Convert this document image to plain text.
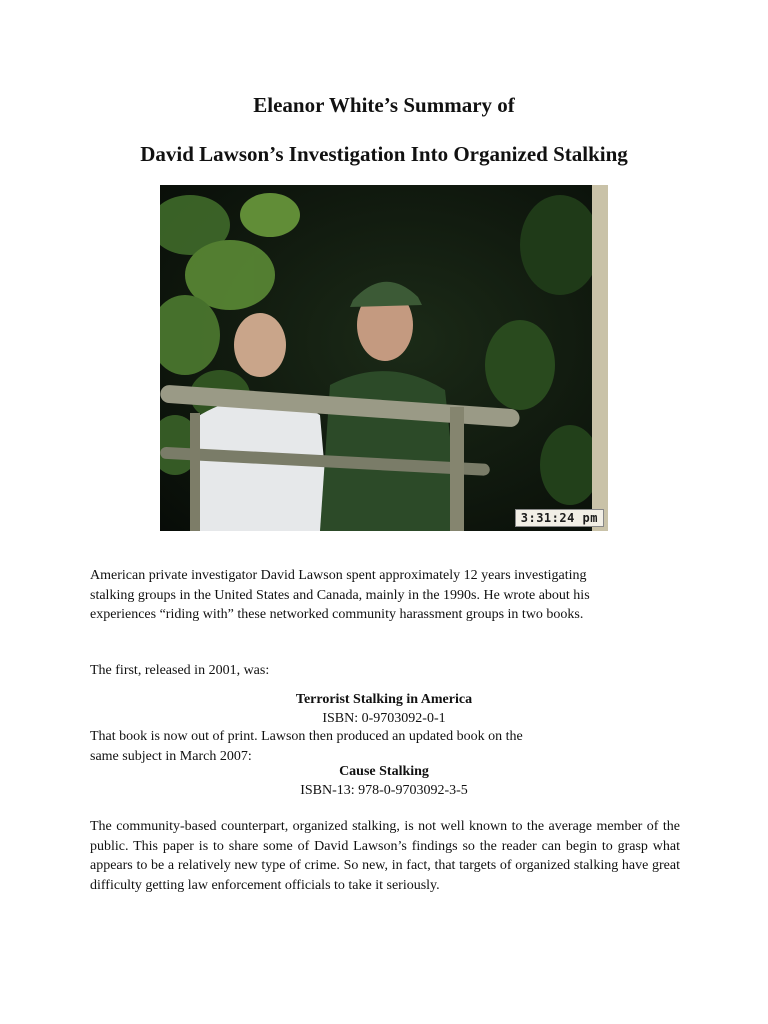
Eleanor White’s Summary of
David Lawson’s Investigation Into Organized Stalking
3:31:24 pm

American private investigator David Lawson spent approximately 12 years investigating stalking groups in the United States and Canada, mainly in the 1990s. He wrote about his experiences “riding with” these networked community harassment groups in two books.

The first, released in 2001, was:

Terrorist Stalking in America

ISBN: 0-9703092-0-1

That book is now out of print. Lawson then produced an updated book on the same subject in March 2007:

Cause Stalking

ISBN-13: 978-0-9703092-3-5

The community-based counterpart, organized stalking, is not well known to the average member of the public. This paper is to share some of David Lawson’s findings so the reader can begin to grasp what appears to be a relatively new type of crime. So new, in fact, that targets of organized stalking have great difficulty getting law enforcement officials to take it seriously.
